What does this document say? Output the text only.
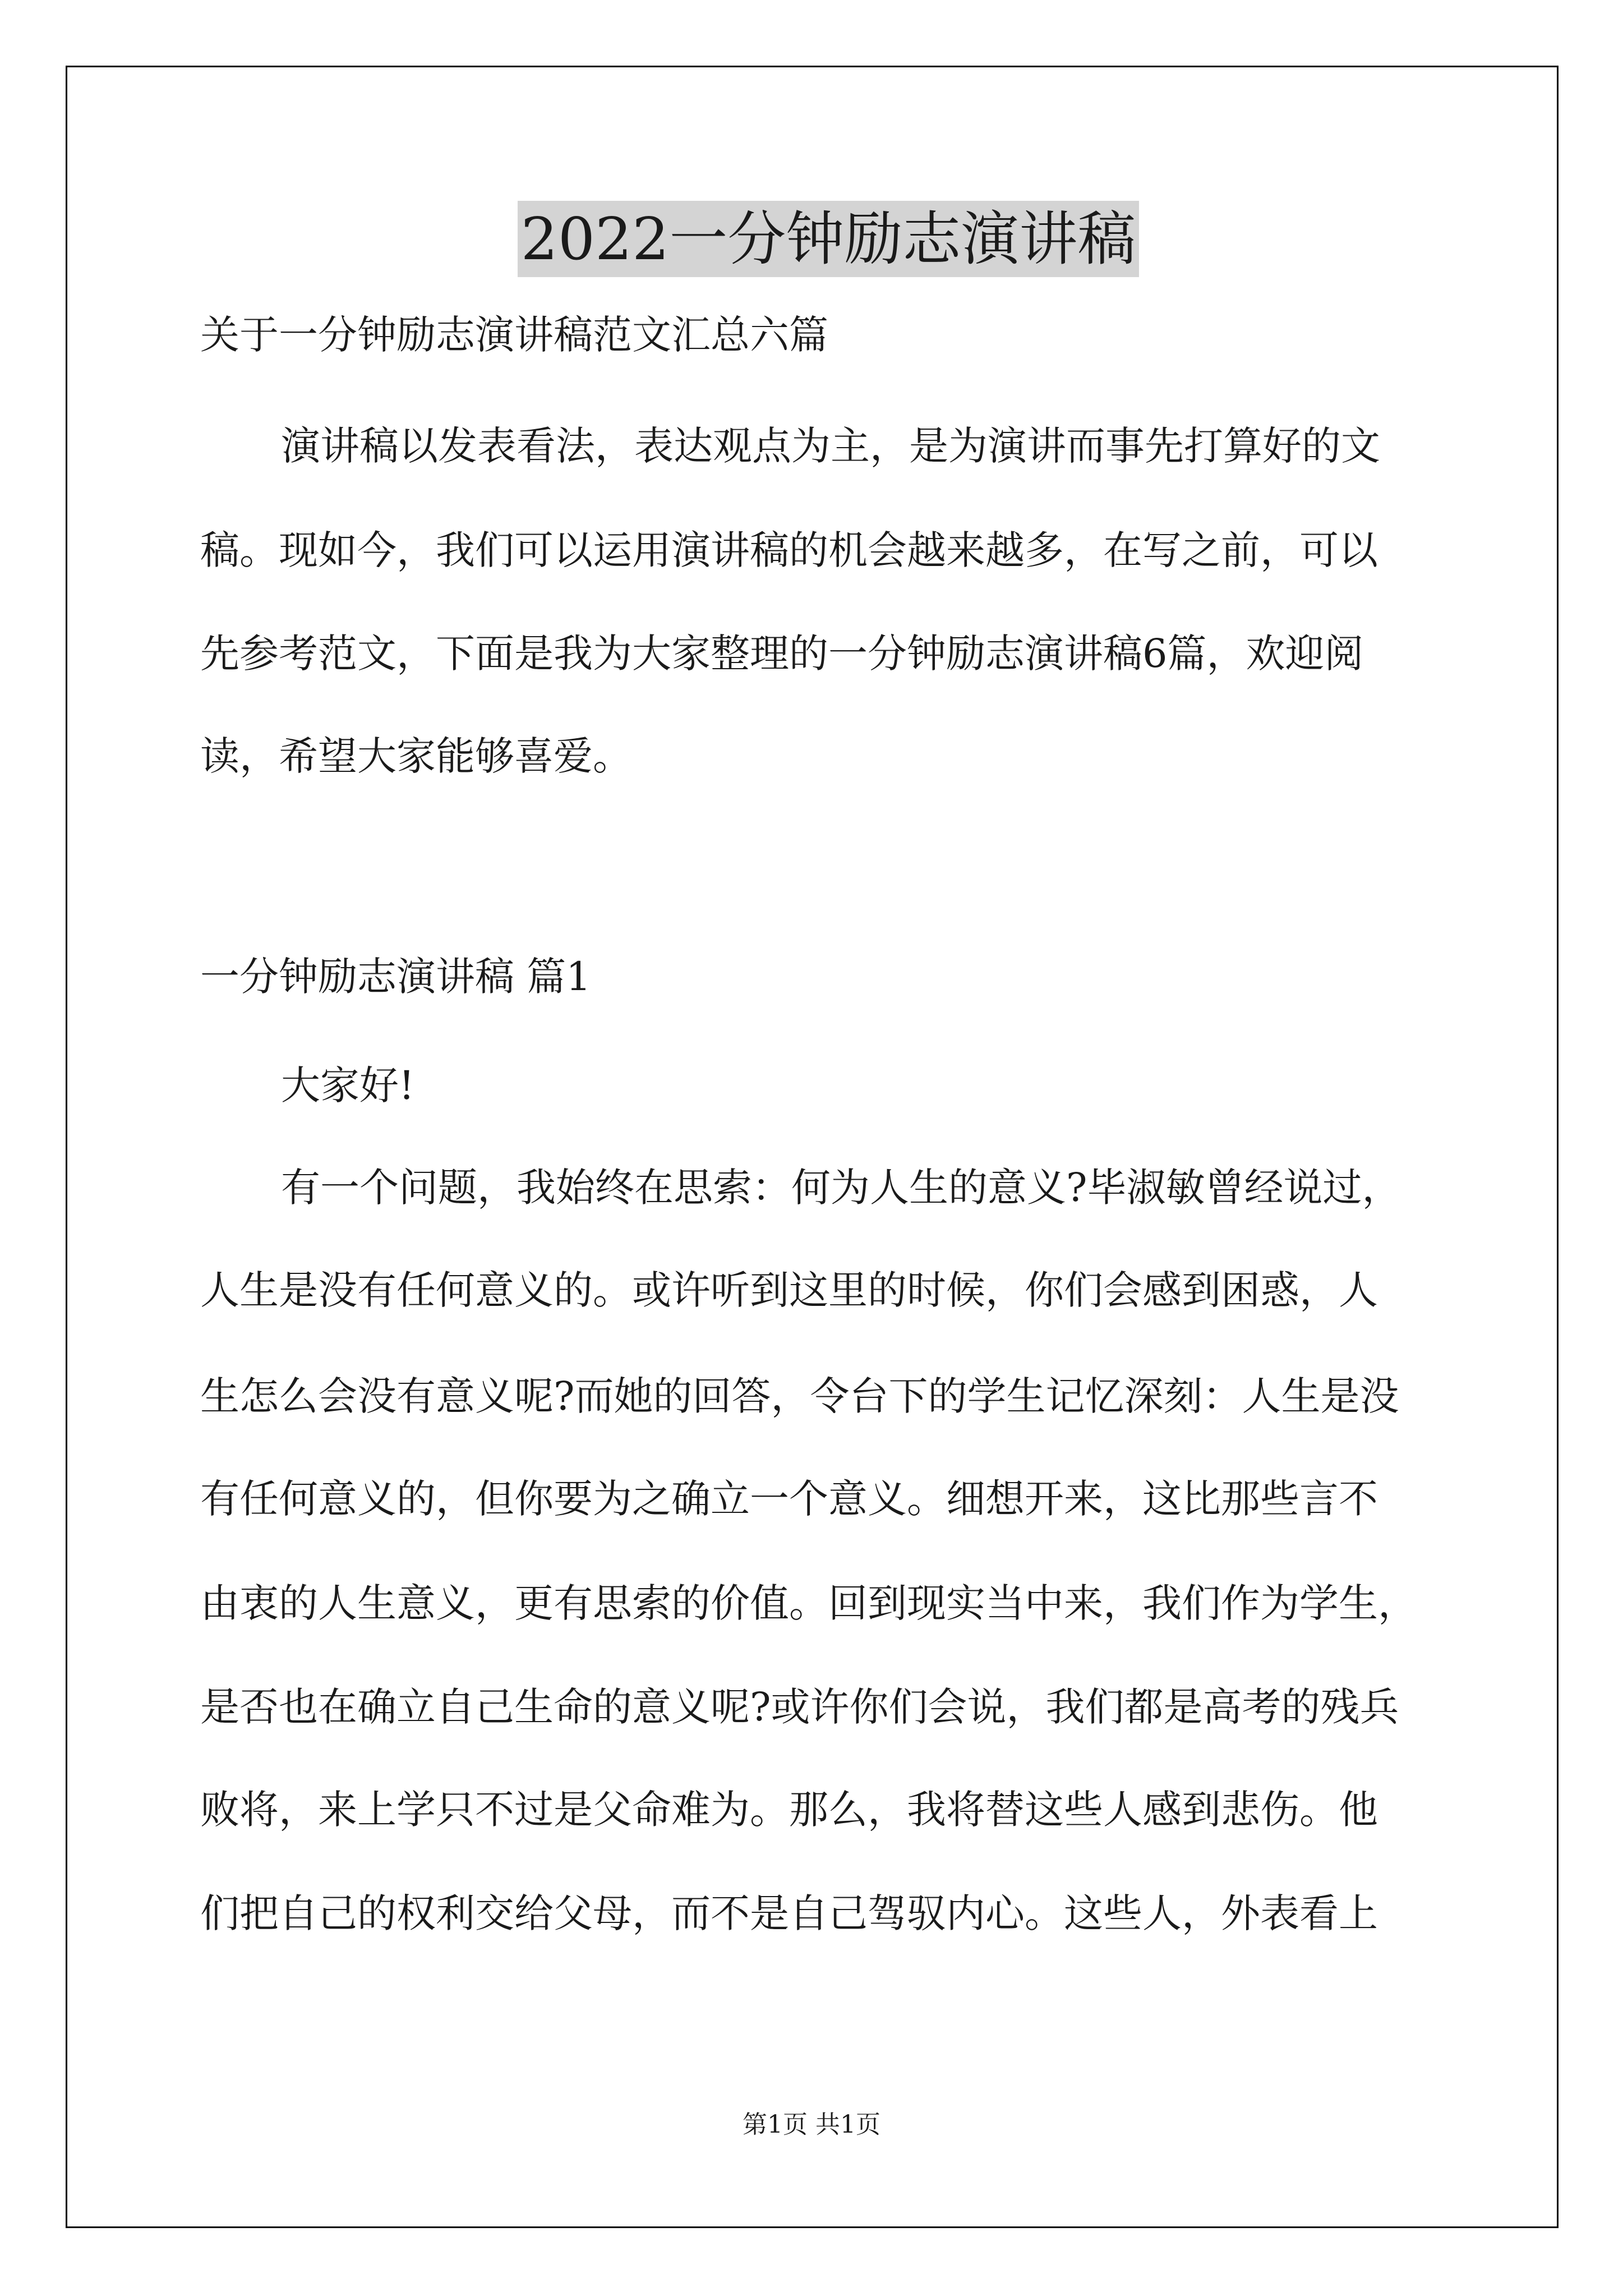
2022一分钟励志演讲稿
关于一分钟励志演讲稿范文汇总六篇
演讲稿以发表看法，表达观点为主，是为演讲而事先打算好的文
稿。现如今，我们可以运用演讲稿的机会越来越多，在写之前，可以
先参考范文，下面是我为大家整理的一分钟励志演讲稿6篇，欢迎阅
读，希望大家能够喜爱。
一分钟励志演讲稿 篇1
大家好!
有一个问题，我始终在思索：何为人生的意义?毕淑敏曾经说过，
人生是没有任何意义的。或许听到这里的时候，你们会感到困惑，人
生怎么会没有意义呢?而她的回答，令台下的学生记忆深刻：人生是没
有任何意义的，但你要为之确立一个意义。细想开来，这比那些言不
由衷的人生意义，更有思索的价值。回到现实当中来，我们作为学生，
是否也在确立自己生命的意义呢?或许你们会说，我们都是高考的残兵
败将，来上学只不过是父命难为。那么，我将替这些人感到悲伤。他
们把自己的权利交给父母，而不是自己驾驭内心。这些人，外表看上
第1页 共1页
